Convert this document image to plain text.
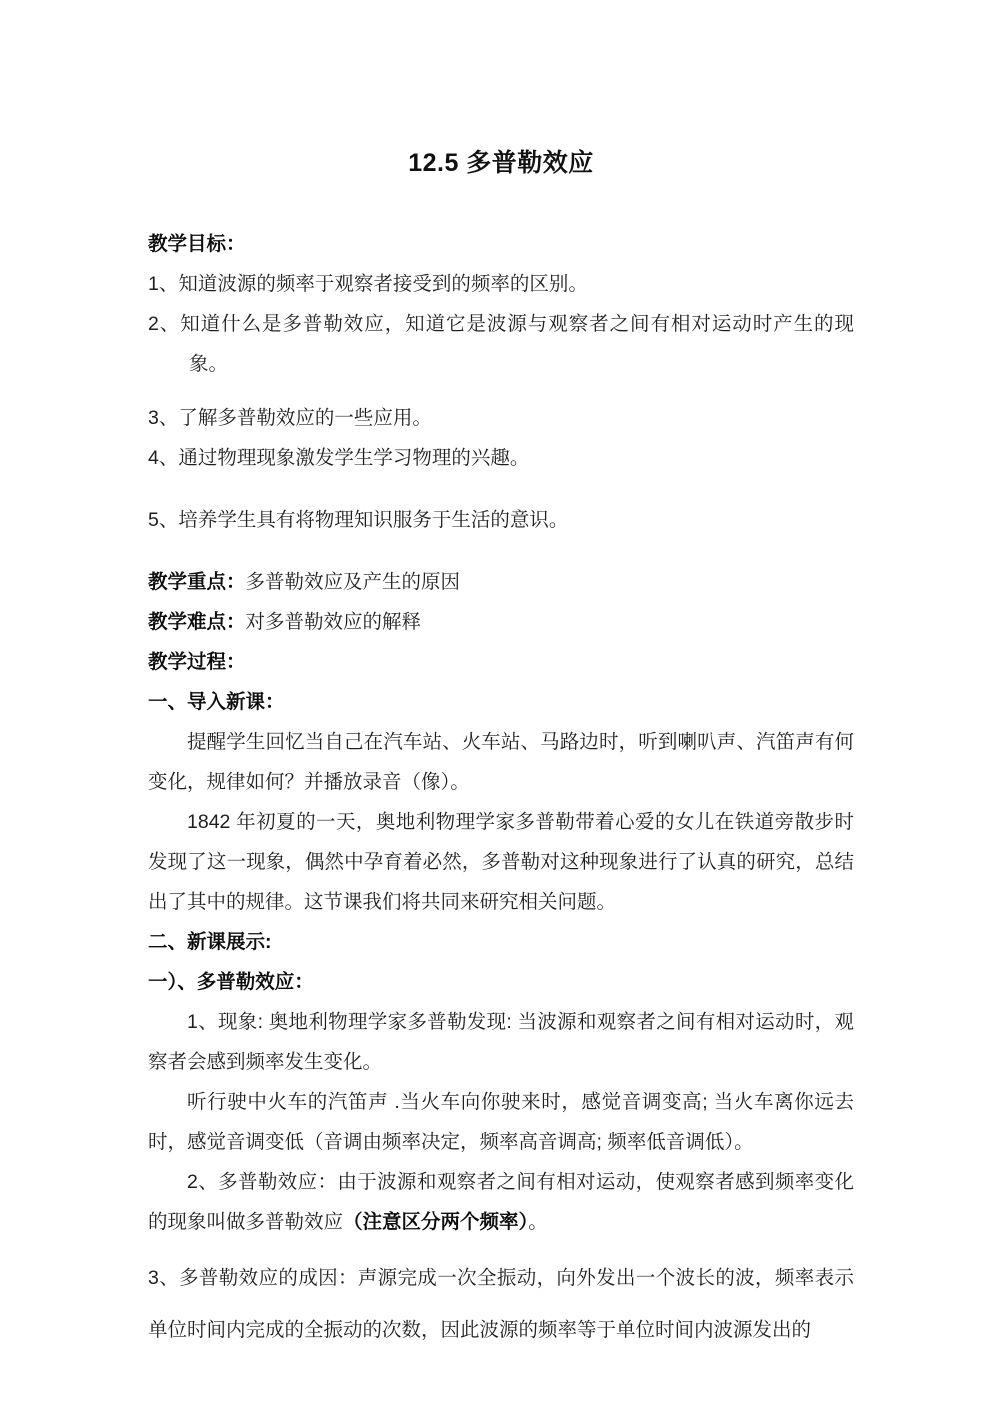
12.5 多普勒效应

教学目标：

1、知道波源的频率于观察者接受到的频率的区别。

2、知道什么是多普勒效应，知道它是波源与观察者之间有相对运动时产生的现象。

3、了解多普勒效应的一些应用。

4、通过物理现象激发学生学习物理的兴趣。

5、培养学生具有将物理知识服务于生活的意识。

教学重点：多普勒效应及产生的原因

教学难点：对多普勒效应的解释

教学过程：

一、导入新课：

提醒学生回忆当自己在汽车站、火车站、马路边时，听到喇叭声、汽笛声有何变化，规律如何？并播放录音（像）。

1842 年初夏的一天，奥地利物理学家多普勒带着心爱的女儿在铁道旁散步时发现了这一现象，偶然中孕育着必然，多普勒对这种现象进行了认真的研究，总结出了其中的规律。这节课我们将共同来研究相关问题。

二、新课展示:

一）、多普勒效应：

1、现象: 奥地利物理学家多普勒发现: 当波源和观察者之间有相对运动时，观察者会感到频率发生变化。

听行驶中火车的汽笛声 .当火车向你驶来时，感觉音调变高; 当火车离你远去时，感觉音调变低（音调由频率决定，频率高音调高; 频率低音调低）。

2、多普勒效应：由于波源和观察者之间有相对运动，使观察者感到频率变化的现象叫做多普勒效应（注意区分两个频率）。

3、多普勒效应的成因：声源完成一次全振动，向外发出一个波长的波，频率表示单位时间内完成的全振动的次数，因此波源的频率等于单位时间内波源发出的
